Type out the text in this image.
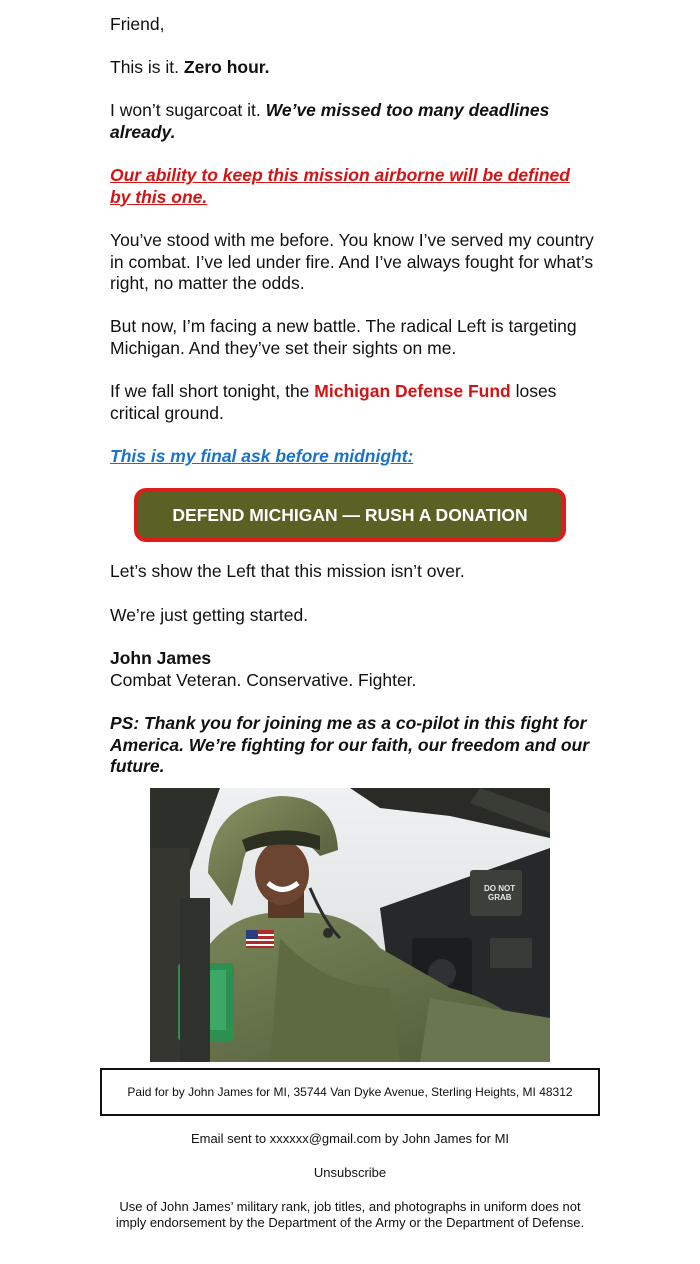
Friend,

This is it. Zero hour.

I won’t sugarcoat it. We’ve missed too many deadlines already.

Our ability to keep this mission airborne will be defined by this one.

You’ve stood with me before. You know I’ve served my country in combat. I’ve led under fire. And I’ve always fought for what’s right, no matter the odds.

But now, I’m facing a new battle. The radical Left is targeting Michigan. And they’ve set their sights on me.

If we fall short tonight, the Michigan Defense Fund loses critical ground.

This is my final ask before midnight:

Let’s show the Left that this mission isn’t over.

We’re just getting started.

John James
Combat Veteran. Conservative. Fighter.

PS: Thank you for joining me as a co-pilot in this fight for America. We’re fighting for our faith, our freedom and our future.

DEFEND MICHIGAN — RUSH A DONATION
DO NOT
GRAB
Paid for by John James for MI, 35744 Van Dyke Avenue, Sterling Heights, MI 48312
Email sent to xxxxxx@gmail.com by John James for MI
Unsubscribe
Use of John James’ military rank, job titles, and photographs in uniform does not imply endorsement by the Department of the Army or the Department of Defense.
